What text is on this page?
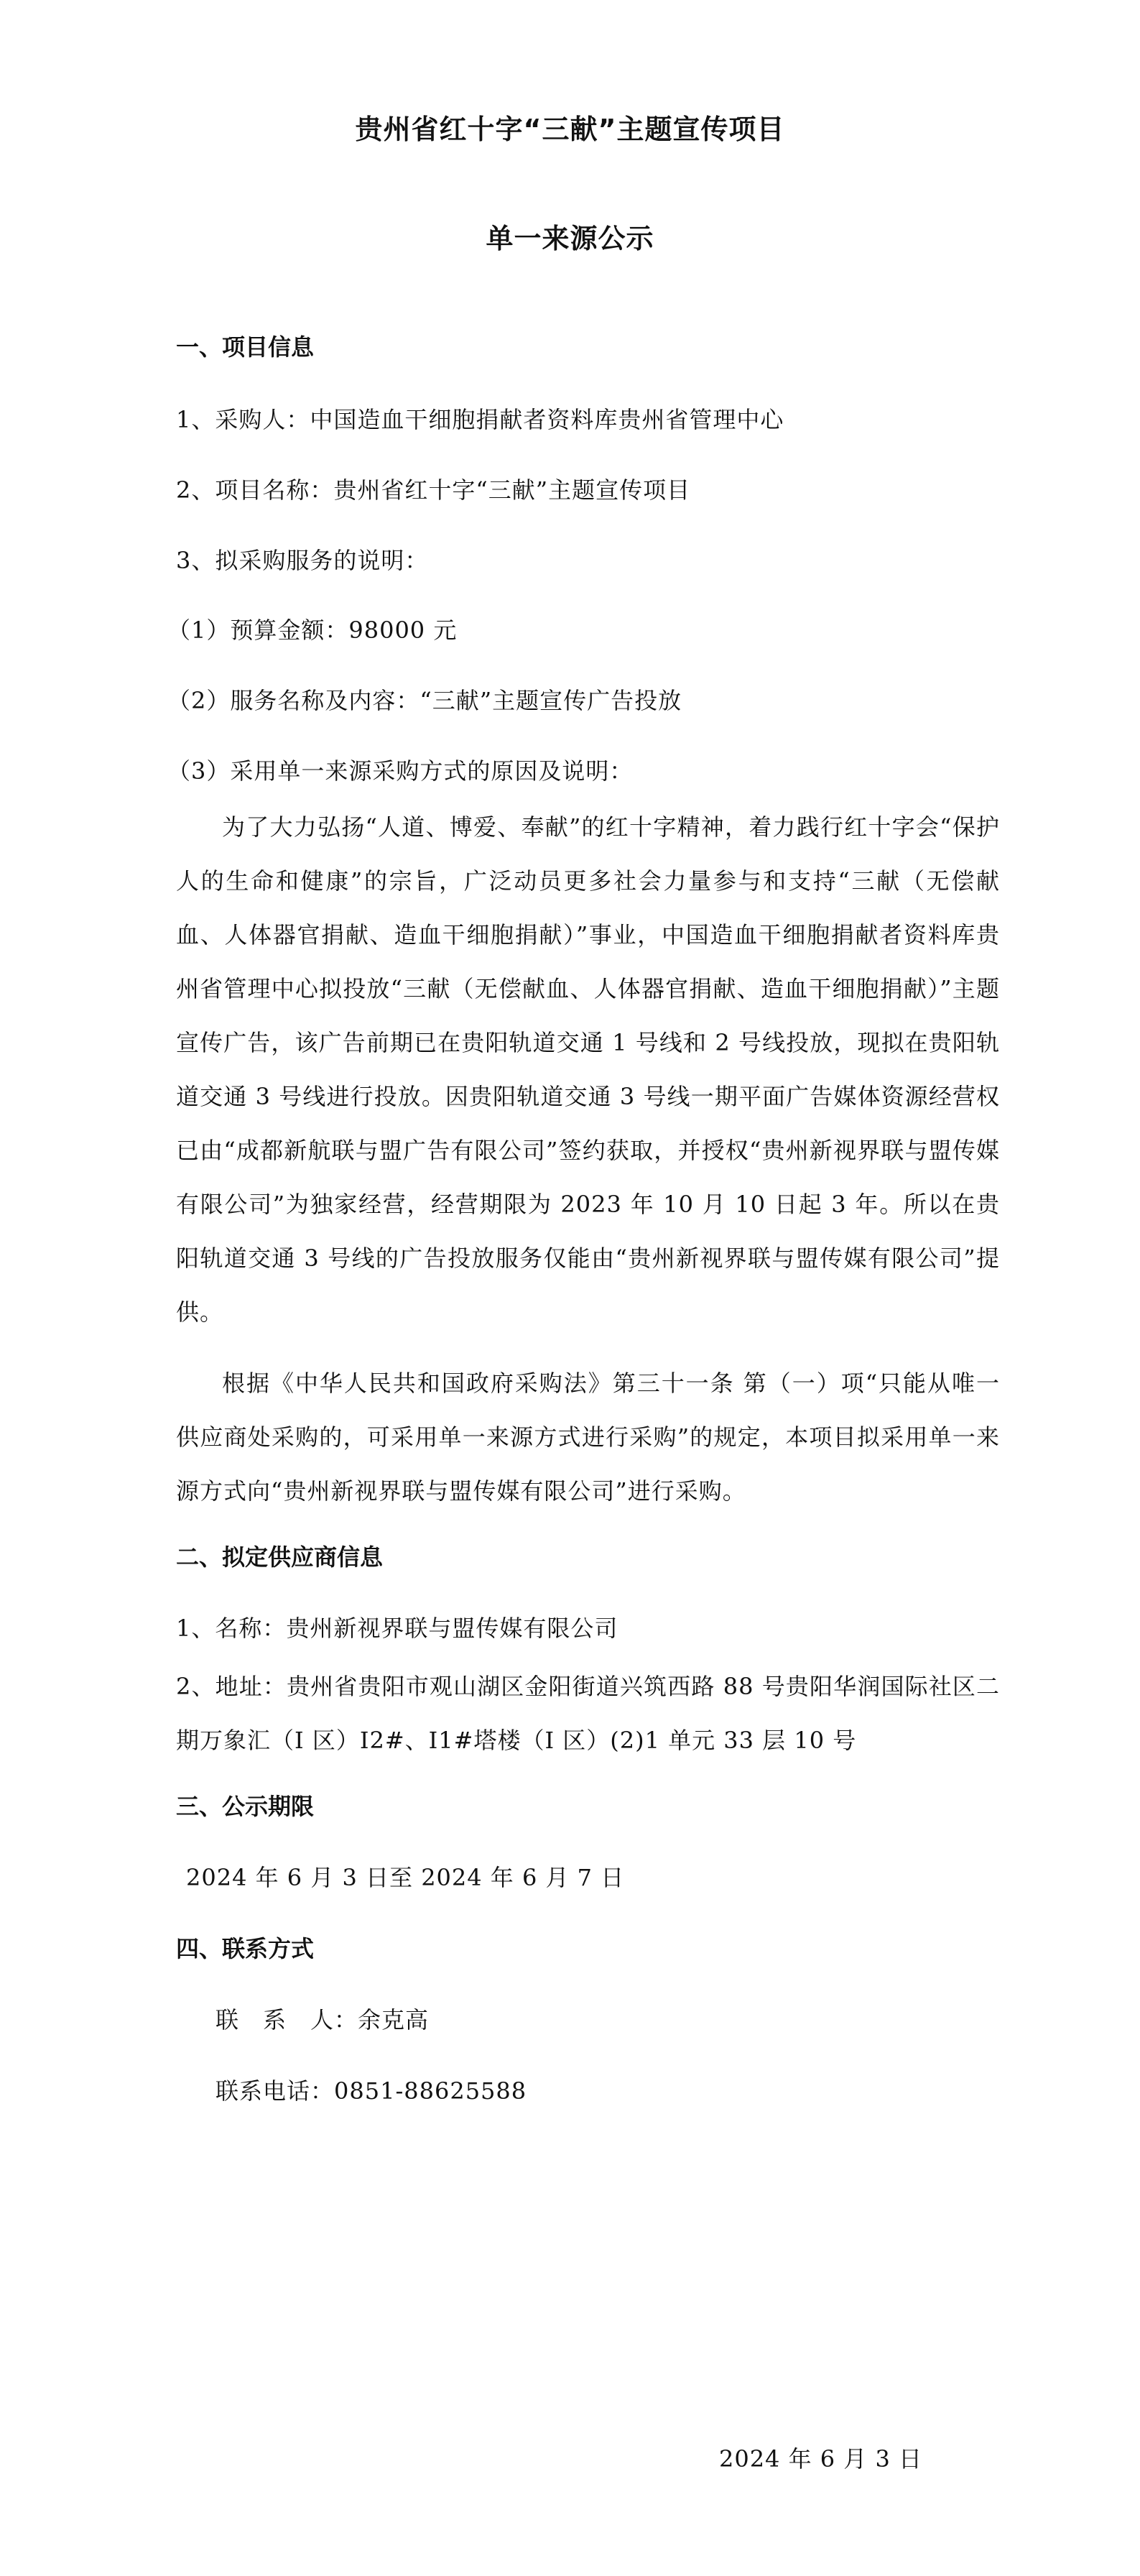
贵州省红十字“三献”主题宣传项目
单一来源公示

一、项目信息

1、采购人：中国造血干细胞捐献者资料库贵州省管理中心

2、项目名称：贵州省红十字“三献”主题宣传项目

3、拟采购服务的说明：

（1）预算金额：98000 元

（2）服务名称及内容：“三献”主题宣传广告投放

（3）采用单一来源采购方式的原因及说明：

为了大力弘扬“人道、博爱、奉献”的红十字精神，着力践行红十字会“保护人的生命和健康”的宗旨，广泛动员更多社会力量参与和支持“三献（无偿献血、人体器官捐献、造血干细胞捐献）”事业，中国造血干细胞捐献者资料库贵州省管理中心拟投放“三献（无偿献血、人体器官捐献、造血干细胞捐献）”主题宣传广告，该广告前期已在贵阳轨道交通 1 号线和 2 号线投放，现拟在贵阳轨道交通 3 号线进行投放。因贵阳轨道交通 3 号线一期平面广告媒体资源经营权已由“成都新航联与盟广告有限公司”签约获取，并授权“贵州新视界联与盟传媒有限公司”为独家经营，经营期限为 2023 年 10 月 10 日起 3 年。所以在贵阳轨道交通 3 号线的广告投放服务仅能由“贵州新视界联与盟传媒有限公司”提供。

根据《中华人民共和国政府采购法》第三十一条 第（一）项“只能从唯一供应商处采购的，可采用单一来源方式进行采购”的规定，本项目拟采用单一来源方式向“贵州新视界联与盟传媒有限公司”进行采购。

二、拟定供应商信息

1、名称：贵州新视界联与盟传媒有限公司

2、地址：贵州省贵阳市观山湖区金阳街道兴筑西路 88 号贵阳华润国际社区二期万象汇（I 区）I2#、I1#塔楼（I 区）(2)1 单元 33 层 10 号

三、公示期限

2024 年 6 月 3 日至 2024 年 6 月 7 日

四、联系方式

联　系　人：余克高

联系电话：0851-88625588

2024 年 6 月 3 日
